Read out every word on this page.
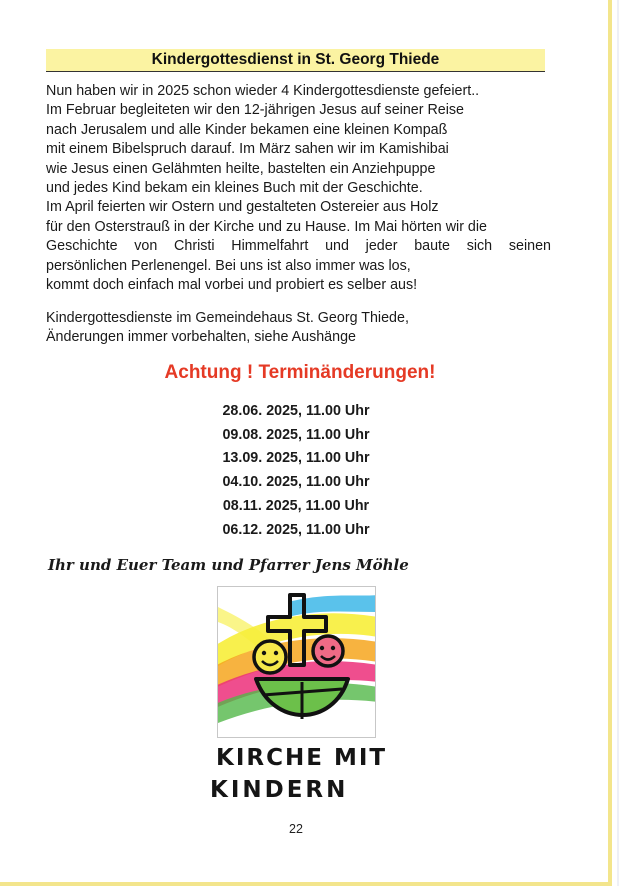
Kindergottesdienst in St. Georg Thiede
Nun haben wir in 2025 schon wieder 4 Kindergottesdienste gefeiert..
Im Februar begleiteten wir den 12-jährigen Jesus auf seiner Reise
nach Jerusalem und alle Kinder bekamen eine kleinen Kompaß
mit einem Bibelspruch darauf. Im März sahen wir im Kamishibai
wie Jesus einen Gelähmten heilte, bastelten ein Anziehpuppe
und jedes Kind bekam ein kleines Buch mit der Geschichte.
Im April feierten wir Ostern und gestalteten Ostereier aus Holz
für den Osterstrauß in der Kirche und zu Hause. Im Mai hörten wir die
Geschichte von Christi Himmelfahrt und jeder baute sich seinen
persönlichen Perlenengel. Bei uns ist also immer was los,
kommt doch einfach mal vorbei und probiert es selber aus!
Kindergottesdienste im Gemeindehaus St. Georg Thiede,
Änderungen immer vorbehalten, siehe Aushänge
Achtung ! Terminänderungen!
28.06. 2025, 11.00 Uhr
09.08. 2025, 11.00 Uhr
13.09. 2025, 11.00 Uhr
04.10. 2025, 11.00 Uhr
08.11. 2025, 11.00 Uhr
06.12. 2025, 11.00 Uhr
Ihr und Euer Team und Pfarrer Jens Möhle
KIRCHE MIT
KINDERN
22
